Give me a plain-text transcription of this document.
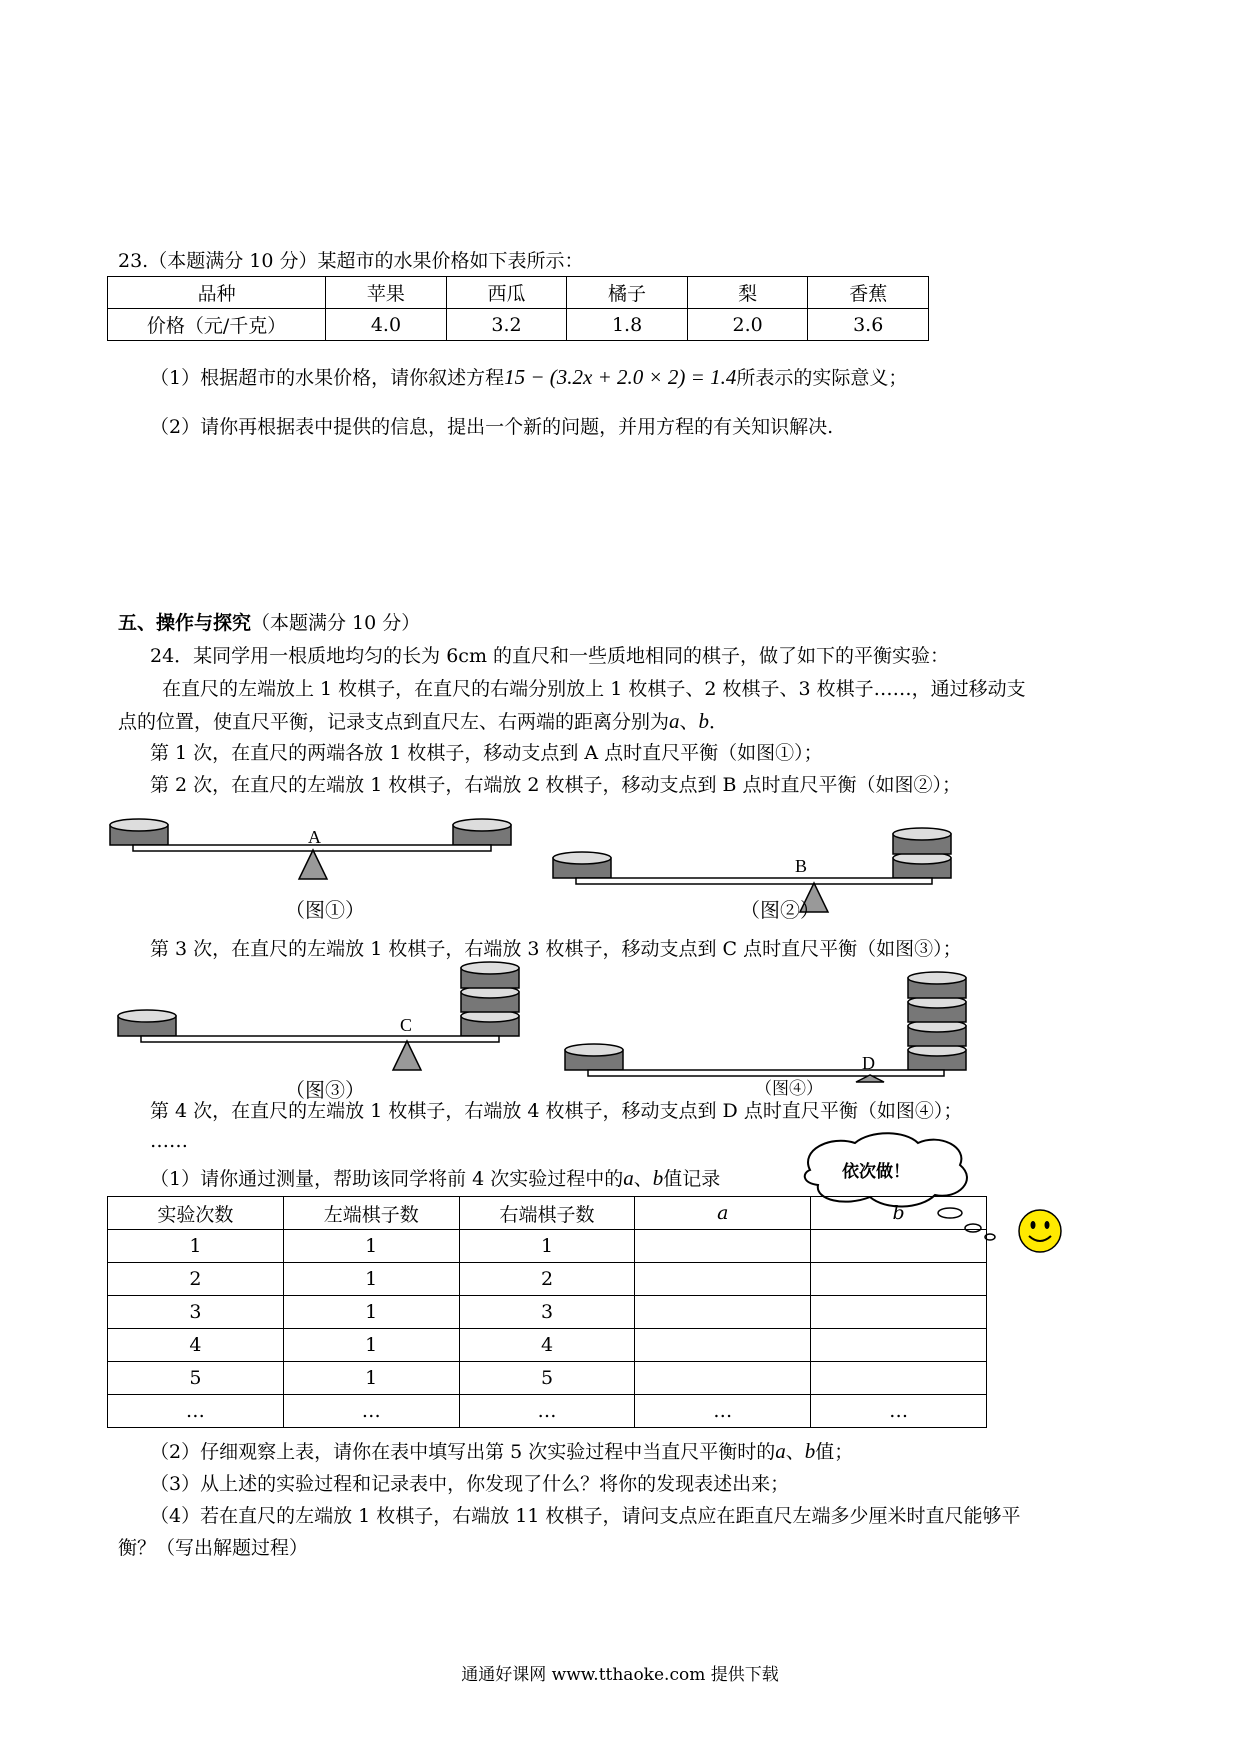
23.（本题满分 10 分）某超市的水果价格如下表所示：
品种	苹果	西瓜	橘子	梨	香蕉
价格（元/千克）	4.0	3.2	1.8	2.0	3.6
（1）根据超市的水果价格，请你叙述方程15 − (3.2x + 2.0 × 2) = 1.4所表示的实际意义；
（2）请你再根据表中提供的信息，提出一个新的问题，并用方程的有关知识解决.
五、操作与探究（本题满分 10 分）
24．某同学用一根质地均匀的长为 6cm 的直尺和一些质地相同的棋子，做了如下的平衡实验：
在直尺的左端放上 1 枚棋子，在直尺的右端分别放上 1 枚棋子、2 枚棋子、3 枚棋子……，通过移动支
点的位置，使直尺平衡，记录支点到直尺左、右两端的距离分别为a、b．
第 1 次，在直尺的两端各放 1 枚棋子，移动支点到 A 点时直尺平衡（如图①）；
第 2 次，在直尺的左端放 1 枚棋子，右端放 2 枚棋子，移动支点到 B 点时直尺平衡（如图②）；
A
（图①）
B
（图②）
第 3 次，在直尺的左端放 1 枚棋子，右端放 3 枚棋子，移动支点到 C 点时直尺平衡（如图③）；
C
（图③）
D
（图④）
第 4 次，在直尺的左端放 1 枚棋子，右端放 4 枚棋子，移动支点到 D 点时直尺平衡（如图④）；
……
（1）请你通过测量，帮助该同学将前 4 次实验过程中的a、b值记录	依次做！
实验次数	左端棋子数	右端棋子数	a	b
1	1	1		
2	1	2		
3	1	3		
4	1	4		
5	1	5		
…	…	…	…	…
（2）仔细观察上表，请你在表中填写出第 5 次实验过程中当直尺平衡时的a、b值；
（3）从上述的实验过程和记录表中，你发现了什么？将你的发现表述出来；
（4）若在直尺的左端放 1 枚棋子，右端放 11 枚棋子，请问支点应在距直尺左端多少厘米时直尺能够平
衡？（写出解题过程）
通通好课网 www.tthaoke.com 提供下载
